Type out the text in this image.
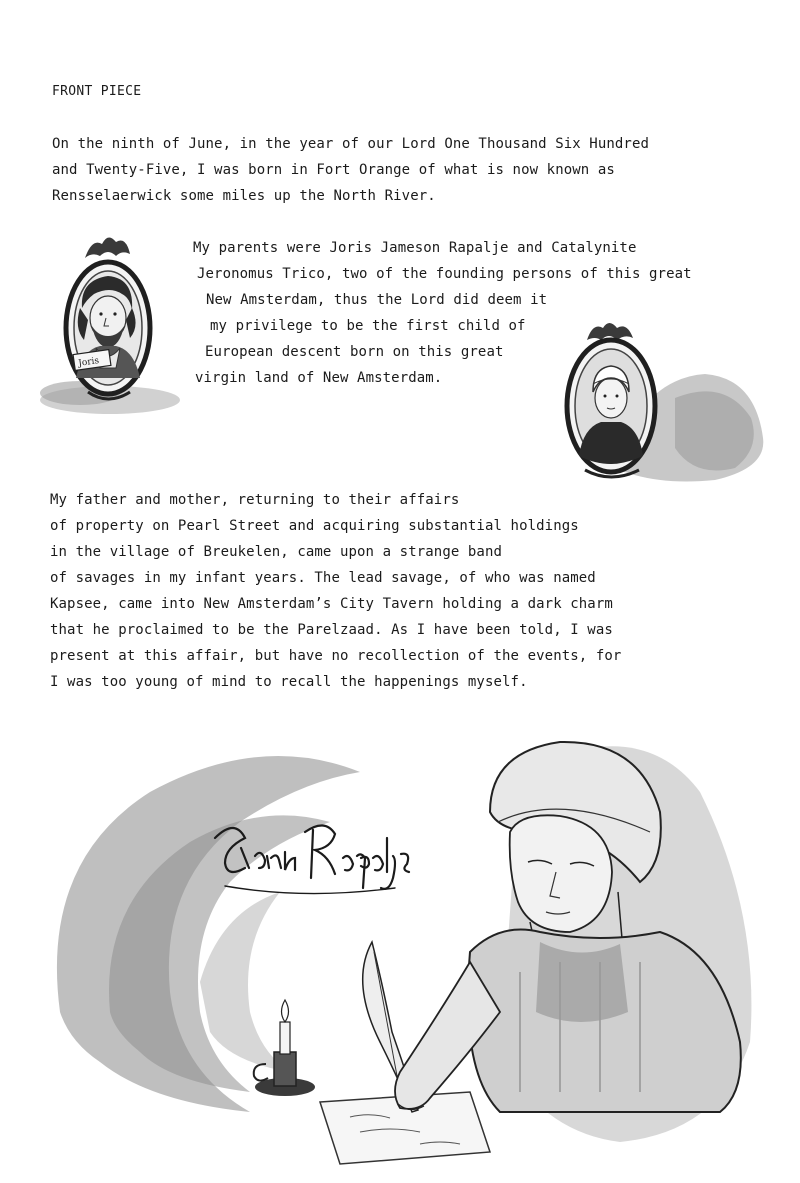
FRONT PIECE
On the ninth of June, in the year of our Lord One Thousand Six Hundred
and Twenty-Five, I was born in Fort Orange of what is now known as
Rensselaerwick some miles up the North River.
My parents were Joris Jameson Rapalje and Catalynite
Jeronomus Trico, two of the founding persons of this great
New Amsterdam, thus the Lord did deem it
my privilege to be the first child of
European descent born on this great
virgin land of New Amsterdam.
My father and mother, returning to their affairs
of property on Pearl Street and acquiring substantial holdings
in the village of Breukelen, came upon a strange band
of savages in my infant years. The lead savage, of who was named
Kapsee, came into New Amsterdam’s City Tavern holding a dark charm
that he proclaimed to be the Parelzaad. As I have been told, I was
present at this affair, but have no recollection of the events, for
I was too young of mind to recall the happenings myself.
Joris
